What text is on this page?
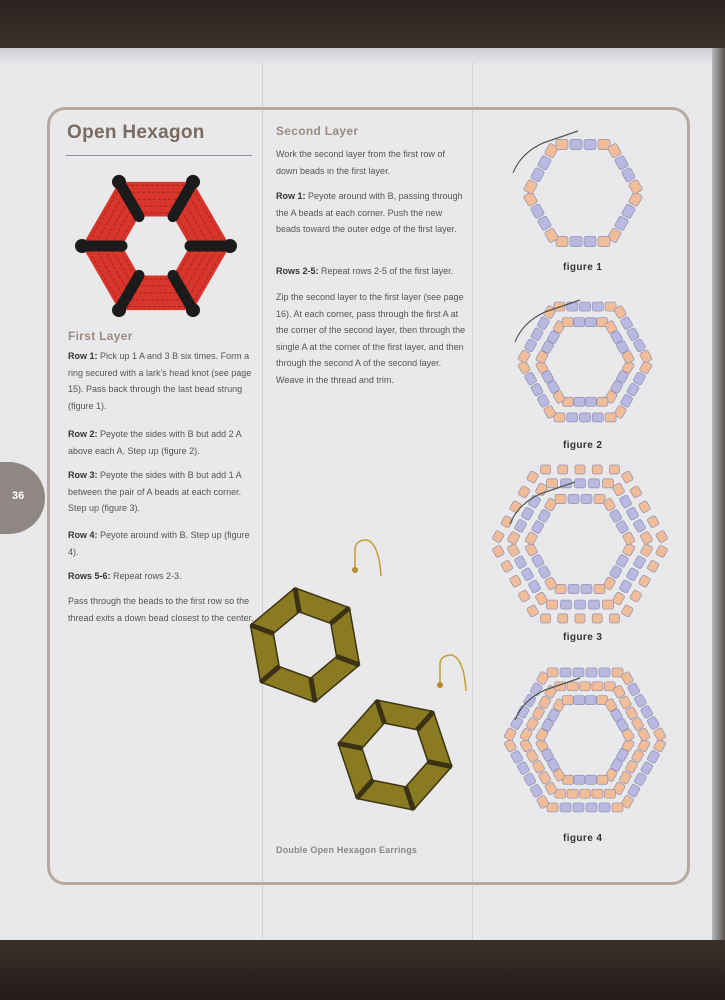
36
Open Hexagon
First Layer

Row 1: Pick up 1 A and 3 B six times. Form a ring secured with a lark's head knot (see page 15). Pass back through the last bead strung (figure 1).

Row 2: Peyote the sides with B but add 2 A above each A. Step up (figure 2).

Row 3: Peyote the sides with B but add 1 A between the pair of A beads at each corner. Step up (figure 3).

Row 4: Peyote around with B. Step up (figure 4).

Rows 5-6: Repeat rows 2-3.

Pass through the beads to the first row so the thread exits a down bead closest to the center.

Second Layer

Work the second layer from the first row of down beads in the first layer.

Row 1: Peyote around with B, passing through the A beads at each corner. Push the new beads toward the outer edge of the first layer.

Rows 2-5: Repeat rows 2-5 of the first layer.

Zip the second layer to the first layer (see page 16). At each corner, pass through the first A at the corner of the second layer, then through the single A at the corner of the first layer, and then through the second A of the second layer. Weave in the thread and trim.

Double Open Hexagon Earrings
figure 1
figure 2
figure 3
figure 4
